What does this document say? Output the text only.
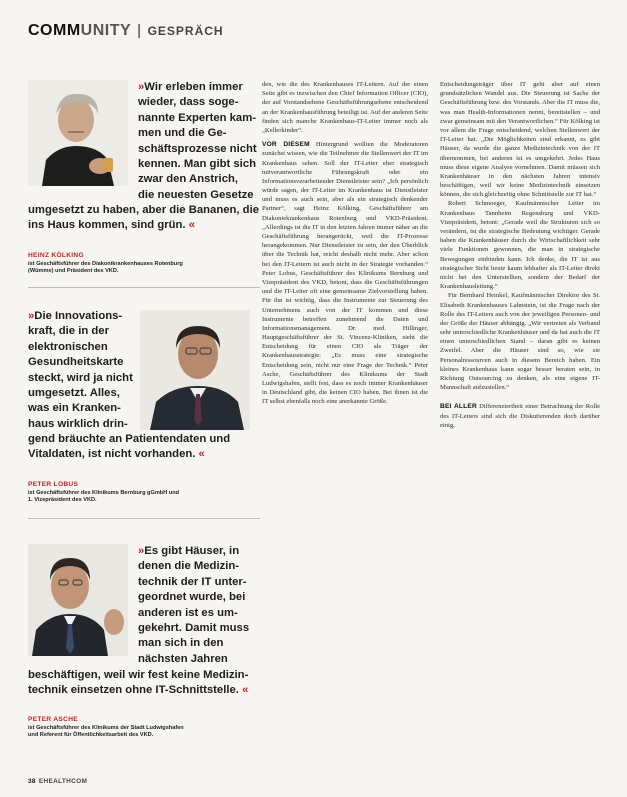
COMMUNITY | GESPRÄCH
»Wir erleben immer
wieder, dass soge-
nannte Experten kam-
men und die Ge-
schäftsprozesse nicht
kennen. Man gibt sich
zwar den Anstrich,
die neuesten Gesetze
umgesetzt zu haben, aber die Bananen, die
ins Haus kommen, sind grün. «
HEINZ KÖLKING
ist Geschäftsführer des Diakonikrankenhauses Rotenburg
(Wümme) und Präsident des VKD.
»Die Innovations-
kraft, die in der
elektronischen
Gesundheitskarte
steckt, wird ja nicht
umgesetzt. Alles,
was ein Kranken-
haus wirklich drin-
gend bräuchte an Patientendaten und
Vitaldaten, ist nicht vorhanden. «
PETER LOBUS
ist Geschäftsführer des Klinikums Bernburg gGmbH und
1. Vizepräsident des VKD.
»Es gibt Häuser, in
denen die Medizin-
technik der IT unter-
geordnet wurde, bei
anderen ist es um-
gekehrt. Damit muss
man sich in den
nächsten Jahren
beschäftigen, weil wir fest keine Medizin-
technik einsetzen ohne IT-Schnittstelle. «
PETER ASCHE
ist Geschäftsführer des Klinikums der Stadt Ludwigshafen
und Referent für Öffentlichkeitsarbeit des VKD.

den, wie die des Krankenhauses IT-Leitern. Auf der einen Seite gibt es inzwischen den Chief Information Officer (CIO), der auf Vorstandsebene Geschäftsführungsebene entscheidend an der Krankenhausführung beteiligt ist. Auf der anderen Seite finden sich manche Krankenhaus-IT-Leiter immer noch als „Kellerkinder“.

VOR DIESEM Hintergrund wollten die Moderatoren zunächst wissen, wie die Teilnehmer die Stellenwert der IT im Krankenhaus sehen. Soll der IT-Leiter eher strategisch mitverantwortliche Führungskraft oder ein Informationsverarbeitender Dienstleister sein? „Ich persönlich würde sagen, der IT-Leiter im Krankenhaus ist Dienstleister und muss es auch sein, aber als ein strategisch denkender Partner“, sagt Heinz Kölking, Geschäftsführer am Diakoniekrankenhaus Rotenburg und VKD-Präsident. „Allerdings ist die IT in den letzten Jahren immer näher an die Geschäftsführung herangerückt, weil die IT-Prozesse herangekommen. Nur Dienstleister zu sein, der den Überblick über die Technik hat, reicht deshalb nicht mehr. Aber schon bei den IT-Leitern ist auch nicht in der Strategie vorhanden.“ Peter Lobus, Geschäftsführer des Klinikums Bernburg und Vizepräsident des VKD, betont, dass die Geschäftsführungen und die IT-Leiter oft eine gemeinsame Zielvorstellung haben. Für ihn ist wichtig, dass die Instrumente zur Steuerung des Unternehmens auch von der IT kommen und diese Instrumente betreffen zunehmend die Daten und Informationsmanagement. Dr. med. Hillinger, Hauptgeschäftsführer der St. Vincenz-Kliniken, sieht die Entscheidung für einen CIO als Träger der Krankenhausstrategie: „Es muss eine strategische Entscheidung sein, nicht nur eine Frage der Technik.“ Peter Asche, Geschäftsführer des Klinikums der Stadt Ludwigshafen, stellt fest, dass es noch immer Krankenhäuser in Deutschland gibt, die keinen CIO haben. Bei ihnen ist die IT selbst ebenfalls noch eine anerkannte Größe.

Entscheidungsträger über IT geht aber auf einen grundsätzlichen Wandel aus. Die Steuerung ist Sache der Geschäftsführung bzw. des Vorstands. Aber die IT muss die, was man Health-Informationen nennt, bereitstellen – und zwar gemeinsam mit den Verantwortlichen.“ Für Kölking ist vor allem die Frage entscheidend, welchen Stellenwert der IT-Leiter hat. „Die Möglichkeiten sind erkannt, es gibt Häuser, da wurde die ganze Medizintechnik von der IT übernommen, bei anderen ist es umgekehrt. Jedes Haus muss diese eigene Analyse vornehmen. Damit müssen sich Krankenhäuser in den nächsten Jahren intensiv beschäftigen, weil wir keine Medizintechnik einsetzen können, die sich gleichzeitig ohne Schnittstelle zur IT hat.“

Robert Schmoeger, Kaufmännischer Leiter im Krankenhaus Tannheim Regensburg und VKD-Vizepräsident, betont: „Gerade weil die Strukturen sich so verändern, ist die strategische Bedeutung wichtiger. Gerade haben die Krankenhäuser durch die Wirtschaftlichkeit sehr viele Funktionen gewonnen, die man in strategische Bewegungen einbinden kann. Ich denke, die IT ist aus strategischer Sicht heute kaum lebhafter als IT-Leiter direkt nicht bei den Unterstellten, sondern der Bedarf der Krankenhausleitung.“

Für Bernhard Heinkel, Kaufmännischer Direktor des St. Elisabeth Krankenhauses Lahnstein, ist die Frage nach der Rolle des IT-Leiters auch von der jeweiligen Personen- und der Größe der Häuser abhängig. „Wir vertreten als Verband sehr unterschiedliche Krankenhäuser und da hat auch die IT einen unterschiedlichen Stand – daran gibt es keinen Zweifel. Aber die Häuser sind so, wie sie Personalressourcen auch in diesem Bereich haben. Ein kleines Krankenhaus kann sogar besser beraten sein, in Richtung Outsourcing zu denken, als eine eigene IT-Mannschaft aufzustellen.“

BEI ALLER Differenziertheit einer Betrachtung der Rolle des IT-Leiters sind sich die Diskutierenden doch darüber einig,

38 EHEALTHCOM
